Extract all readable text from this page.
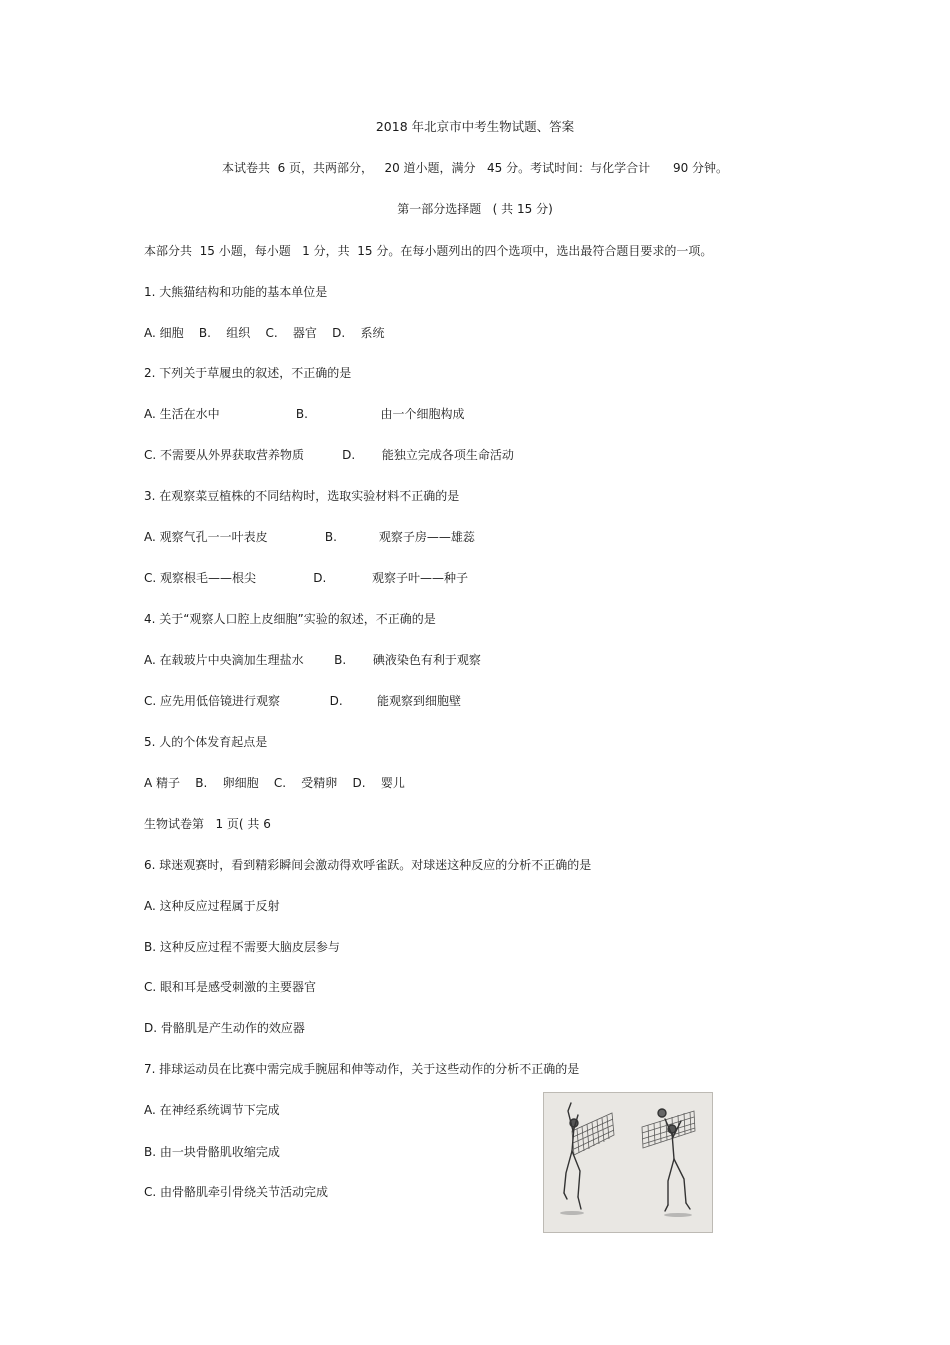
2018 年北京市中考生物试题、答案
本试卷共  6 页，共两部分，   20 道小题，满分   45 分。考试时间：与化学合计      90 分钟。
第一部分选择题   ( 共 15 分)
本部分共  15 小题，每小题   1 分，共  15 分。在每小题列出的四个选项中，选出最符合题目要求的一项。
1. 大熊猫结构和功能的基本单位是
A. 细胞    B.    组织    C.    器官    D.    系统
2. 下列关于草履虫的叙述，不正确的是
A. 生活在水中                    B.                   由一个细胞构成
C. 不需要从外界获取营养物质          D.       能独立完成各项生命活动
3. 在观察菜豆植株的不同结构时，选取实验材料不正确的是
A. 观察气孔一一叶表皮               B.           观察子房——雄蕊
C. 观察根毛——根尖               D.            观察子叶——种子
4. 关于“观察人口腔上皮细胞”实验的叙述，不正确的是
A. 在载玻片中央滴加生理盐水        B.       碘液染色有利于观察
C. 应先用低倍镜进行观察             D.         能观察到细胞壁
5. 人的个体发育起点是
A 精子    B.    卵细胞    C.    受精卵    D.    婴儿
生物试卷第   1 页( 共 6
6. 球迷观赛时，看到精彩瞬间会激动得欢呼雀跃。对球迷这种反应的分析不正确的是
A. 这种反应过程属于反射
B. 这种反应过程不需要大脑皮层参与
C. 眼和耳是感受刺激的主要器官
D. 骨骼肌是产生动作的效应器
7. 排球运动员在比赛中需完成手腕屈和伸等动作，关于这些动作的分析不正确的是
A. 在神经系统调节下完成
B. 由一块骨骼肌收缩完成
C. 由骨骼肌牵引骨绕关节活动完成
